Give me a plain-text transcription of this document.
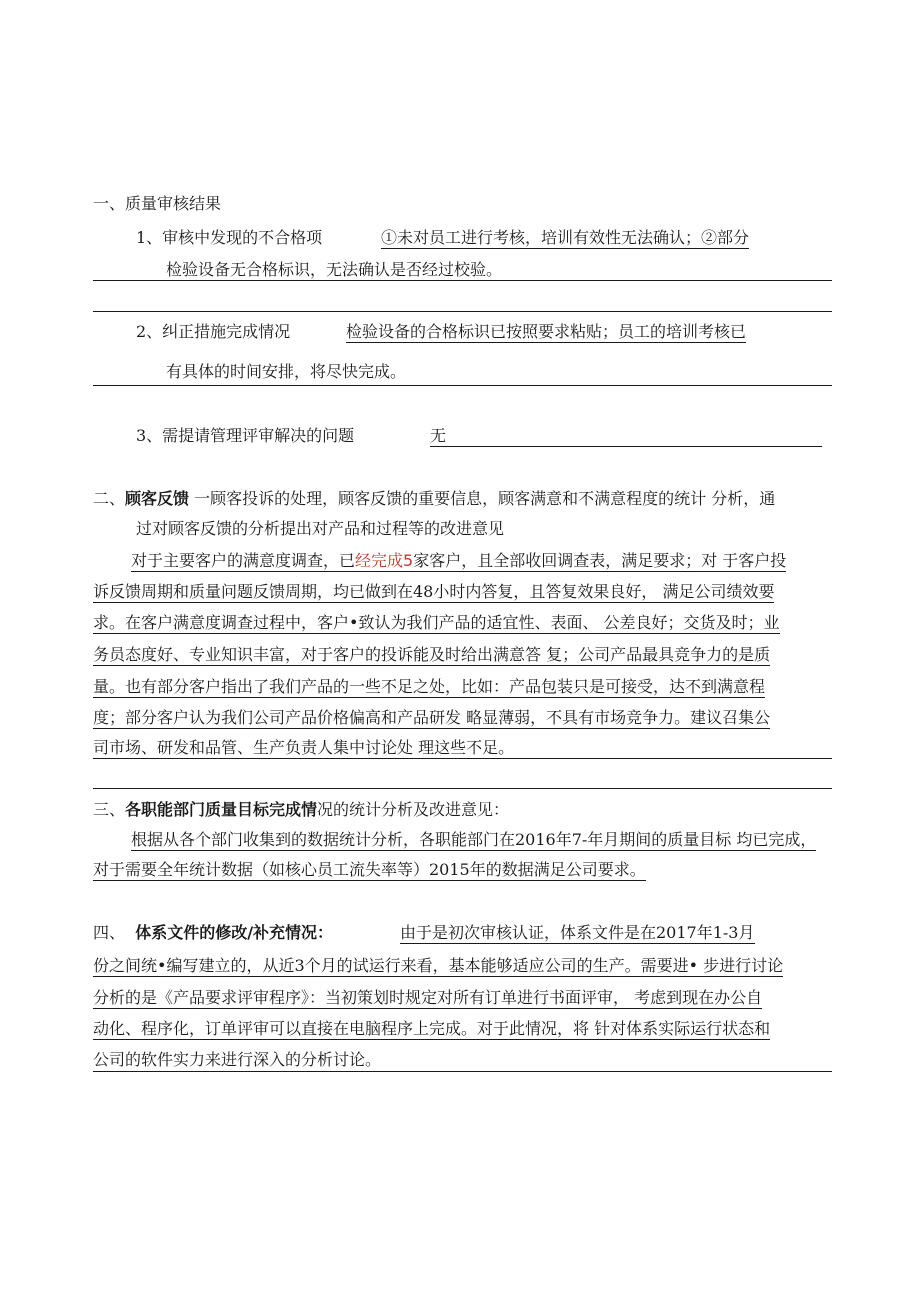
一、质量审核结果
1、审核中发现的不合格项	①未对员工进行考核，培训有效性无法确认；②部分
检验设备无合格标识，无法确认是否经过校验。
2、纠正措施完成情况	检验设备的合格标识已按照要求粘贴；员工的培训考核已
有具体的时间安排，将尽快完成。
3、需提请管理评审解决的问题	无
二、顾客反馈 一顾客投诉的处理，顾客反馈的重要信息，顾客满意和不满意程度的统计 分析，通
过对顾客反馈的分析提出对产品和过程等的改进意见
对于主要客户的满意度调查，已经完成5家客户，且全部收回调查表，满足要求；对 于客户投
诉反馈周期和质量问题反馈周期，均已做到在48小时内答复，且答复效果良好， 满足公司绩效要
求。在客户满意度调查过程中，客户•致认为我们产品的适宜性、表面、 公差良好；交货及时；业
务员态度好、专业知识丰富，对于客户的投诉能及时给出满意答 复；公司产品最具竞争力的是质
量。也有部分客户指出了我们产品的一些不足之处，比如：产品包装只是可接受，达不到满意程
度；部分客户认为我们公司产品价格偏高和产品研发 略显薄弱，不具有市场竞争力。建议召集公
司市场、研发和品管、生产负责人集中讨论处 理这些不足。
三、各职能部门质量目标完成情况的统计分析及改进意见：
根据从各个部门收集到的数据统计分析，各职能部门在2016年7-年月期间的质量目标 均已完成，
对于需要全年统计数据（如核心员工流失率等）2015年的数据满足公司要求。
四、 体系文件的修改/补充情况：	由于是初次审核认证，体系文件是在2017年1-3月
份之间统•编写建立的，从近3个月的试运行来看，基本能够适应公司的生产。需要进• 步进行讨论
分析的是《产品要求评审程序》：当初策划时规定对所有订单进行书面评审， 考虑到现在办公自
动化、程序化，订单评审可以直接在电脑程序上完成。对于此情况，将 针对体系实际运行状态和
公司的软件实力来进行深入的分析讨论。
